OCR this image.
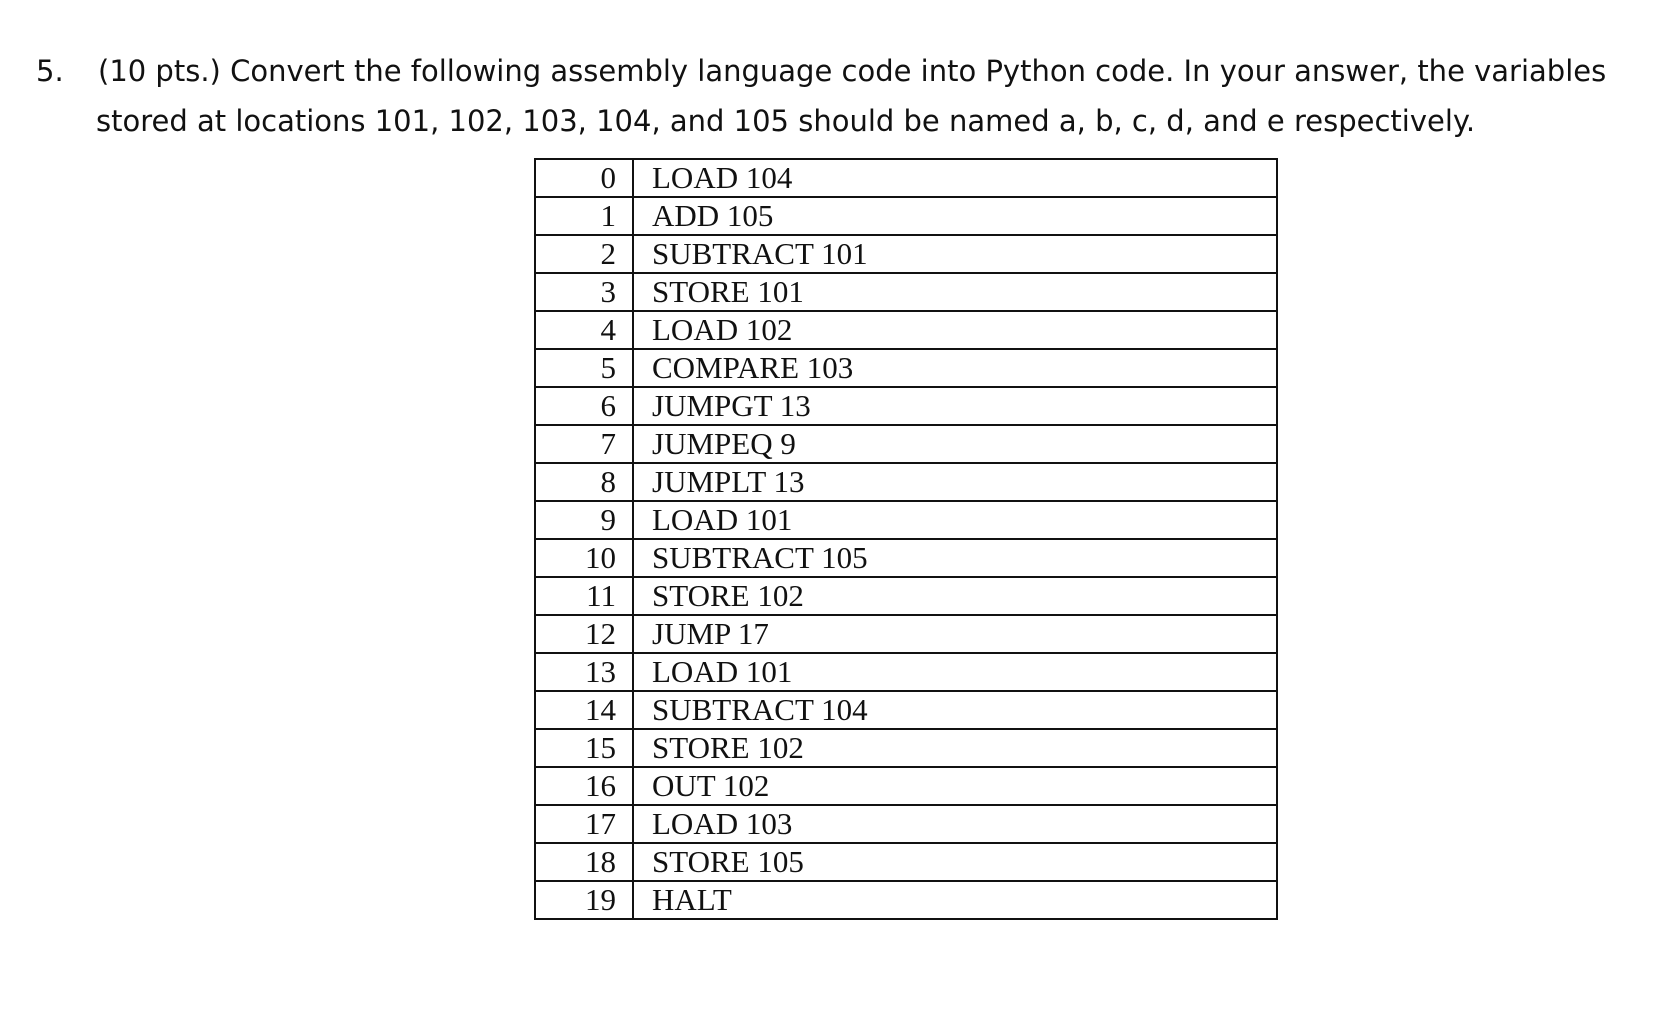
5. (10 pts.) Convert the following assembly language code into Python code. In your answer, the variables
stored at locations 101, 102, 103, 104, and 105 should be named a, b, c, d, and e respectively.
0	LOAD 104
1	ADD 105
2	SUBTRACT 101
3	STORE 101
4	LOAD 102
5	COMPARE 103
6	JUMPGT 13
7	JUMPEQ 9
8	JUMPLT 13
9	LOAD 101
10	SUBTRACT 105
11	STORE 102
12	JUMP 17
13	LOAD 101
14	SUBTRACT 104
15	STORE 102
16	OUT 102
17	LOAD 103
18	STORE 105
19	HALT
